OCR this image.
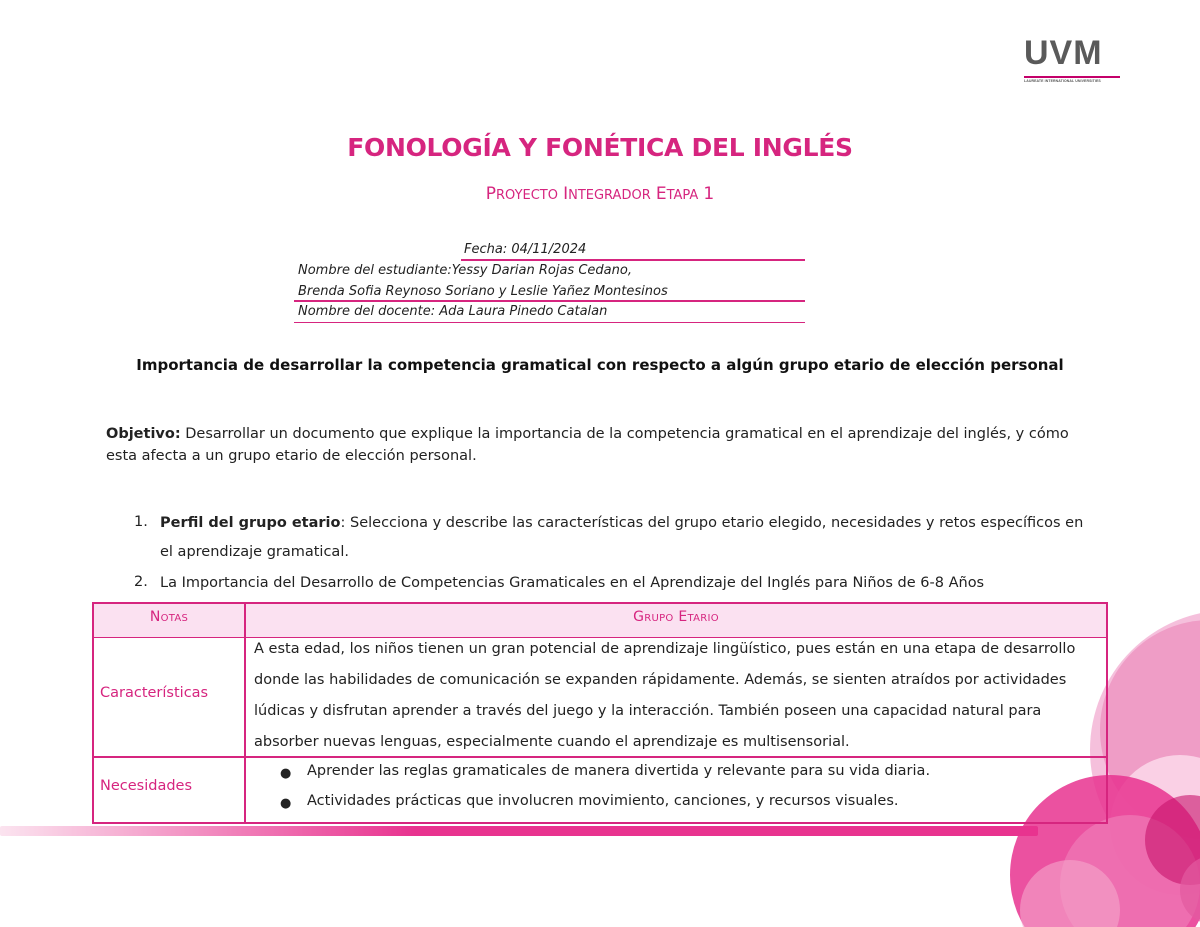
UVM
LAUREATE INTERNATIONAL UNIVERSITIES
FONOLOGÍA Y FONÉTICA DEL INGLÉS
PROYECTO INTEGRADOR ETAPA 1
Fecha: 04/11/2024
Nombre del estudiante:Yessy Darian Rojas Cedano,
Brenda Sofia Reynoso Soriano y Leslie Yañez Montesinos
Nombre del docente: Ada Laura Pinedo Catalan
Importancia de desarrollar la competencia gramatical con respecto a algún grupo etario de elección personal
Objetivo: Desarrollar un documento que explique la importancia de la competencia gramatical en el aprendizaje del inglés, y cómo
esta afecta a un grupo etario de elección personal.
1. Perfil del grupo etario: Selecciona y describe las características del grupo etario elegido, necesidades y retos específicos en
el aprendizaje gramatical.
2. La Importancia del Desarrollo de Competencias Gramaticales en el Aprendizaje del Inglés para Niños de 6-8 Años
Notas	Grupo Etario
Características
A esta edad, los niños tienen un gran potencial de aprendizaje lingüístico, pues están en una etapa de desarrollo
donde las habilidades de comunicación se expanden rápidamente. Además, se sienten atraídos por actividades
lúdicas y disfrutan aprender a través del juego y la interacción. También poseen una capacidad natural para
absorber nuevas lenguas, especialmente cuando el aprendizaje es multisensorial.
Necesidades
● Aprender las reglas gramaticales de manera divertida y relevante para su vida diaria.
● Actividades prácticas que involucren movimiento, canciones, y recursos visuales.
